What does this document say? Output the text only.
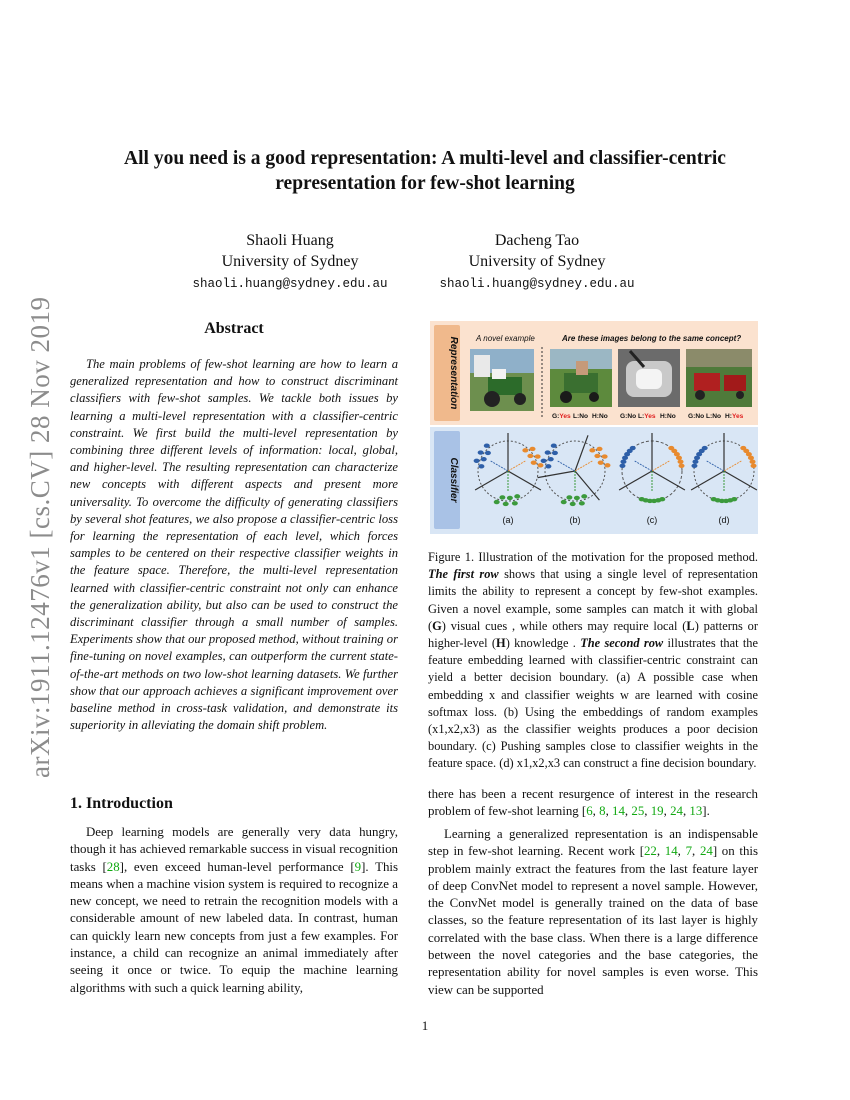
arXiv:1911.12476v1 [cs.CV] 28 Nov 2019
All you need is a good representation: A multi-level and classifier-centric
representation for few-shot learning
Shaoli Huang
University of Sydney
shaoli.huang@sydney.edu.au
Dacheng Tao
University of Sydney
shaoli.huang@sydney.edu.au
Abstract
The main problems of few-shot learning are how to learn a generalized representation and how to construct discriminant classifiers with few-shot samples. We tackle both issues by learning a multi-level representation with a classifier-centric constraint. We first build the multi-level representation by combining three different levels of information: local, global, and higher-level. The resulting representation can characterize new concepts with different aspects and present more universality. To overcome the difficulty of generating classifiers by several shot features, we also propose a classifier-centric loss for learning the representation of each level, which forces samples to be centered on their respective classifier weights in the feature space. Therefore, the multi-level representation learned with classifier-centric constraint not only can enhance the generalization ability, but also can be used to construct the discriminant classifier through a small number of samples. Experiments show that our proposed method, without training or fine-tuning on novel examples, can outperform the current state-of-the-art methods on two low-shot learning datasets. We further show that our approach achieves a significant improvement over baseline method in cross-task validation, and demonstrate its superiority in alleviating the domain shift problem.
Representation
Classifier
A novel example	Are these images belong to the same concept?
G:Yes L:No H:No G:No L:Yes H:No G:No L:No H:Yes
(a)	(b)	(c)	(d)
Figure 1. Illustration of the motivation for the proposed method. The first row shows that using a single level of representation limits the ability to represent a concept by few-shot examples. Given a novel example, some samples can match it with global (G) visual cues , while others may require local (L) patterns or higher-level (H) knowledge . The second row illustrates that the feature embedding learned with classifier-centric constraint can yield a better decision boundary. (a) A possible case when embedding x and classifier weights w are learned with cosine softmax loss. (b) Using the embeddings of random examples (x1,x2,x3) as the classifier weights produces a poor decision boundary. (c) Pushing samples close to classifier weights in the feature space. (d) x1,x2,x3 can construct a fine decision boundary.
1. Introduction
Deep learning models are generally very data hungry, though it has achieved remarkable success in visual recognition tasks [28], even exceed human-level performance [9]. This means when a machine vision system is required to recognize a new concept, we need to retrain the recognition models with a considerable amount of new labeled data. In contrast, human can quickly learn new concepts from just a few examples. For instance, a child can recognize an animal immediately after seeing it once or twice. To equip the machine learning algorithms with such a quick learning ability,
there has been a recent resurgence of interest in the research problem of few-shot learning [6, 8, 14, 25, 19, 24, 13].
Learning a generalized representation is an indispensable step in few-shot learning. Recent work [22, 14, 7, 24] on this problem mainly extract the features from the last feature layer of deep ConvNet model to represent a novel sample. However, the ConvNet model is generally trained on the data of base classes, so the feature representation of its last layer is highly correlated with the base class. When there is a large difference between the novel categories and the base categories, the representation ability for novel samples is even worse. This view can be supported
1
